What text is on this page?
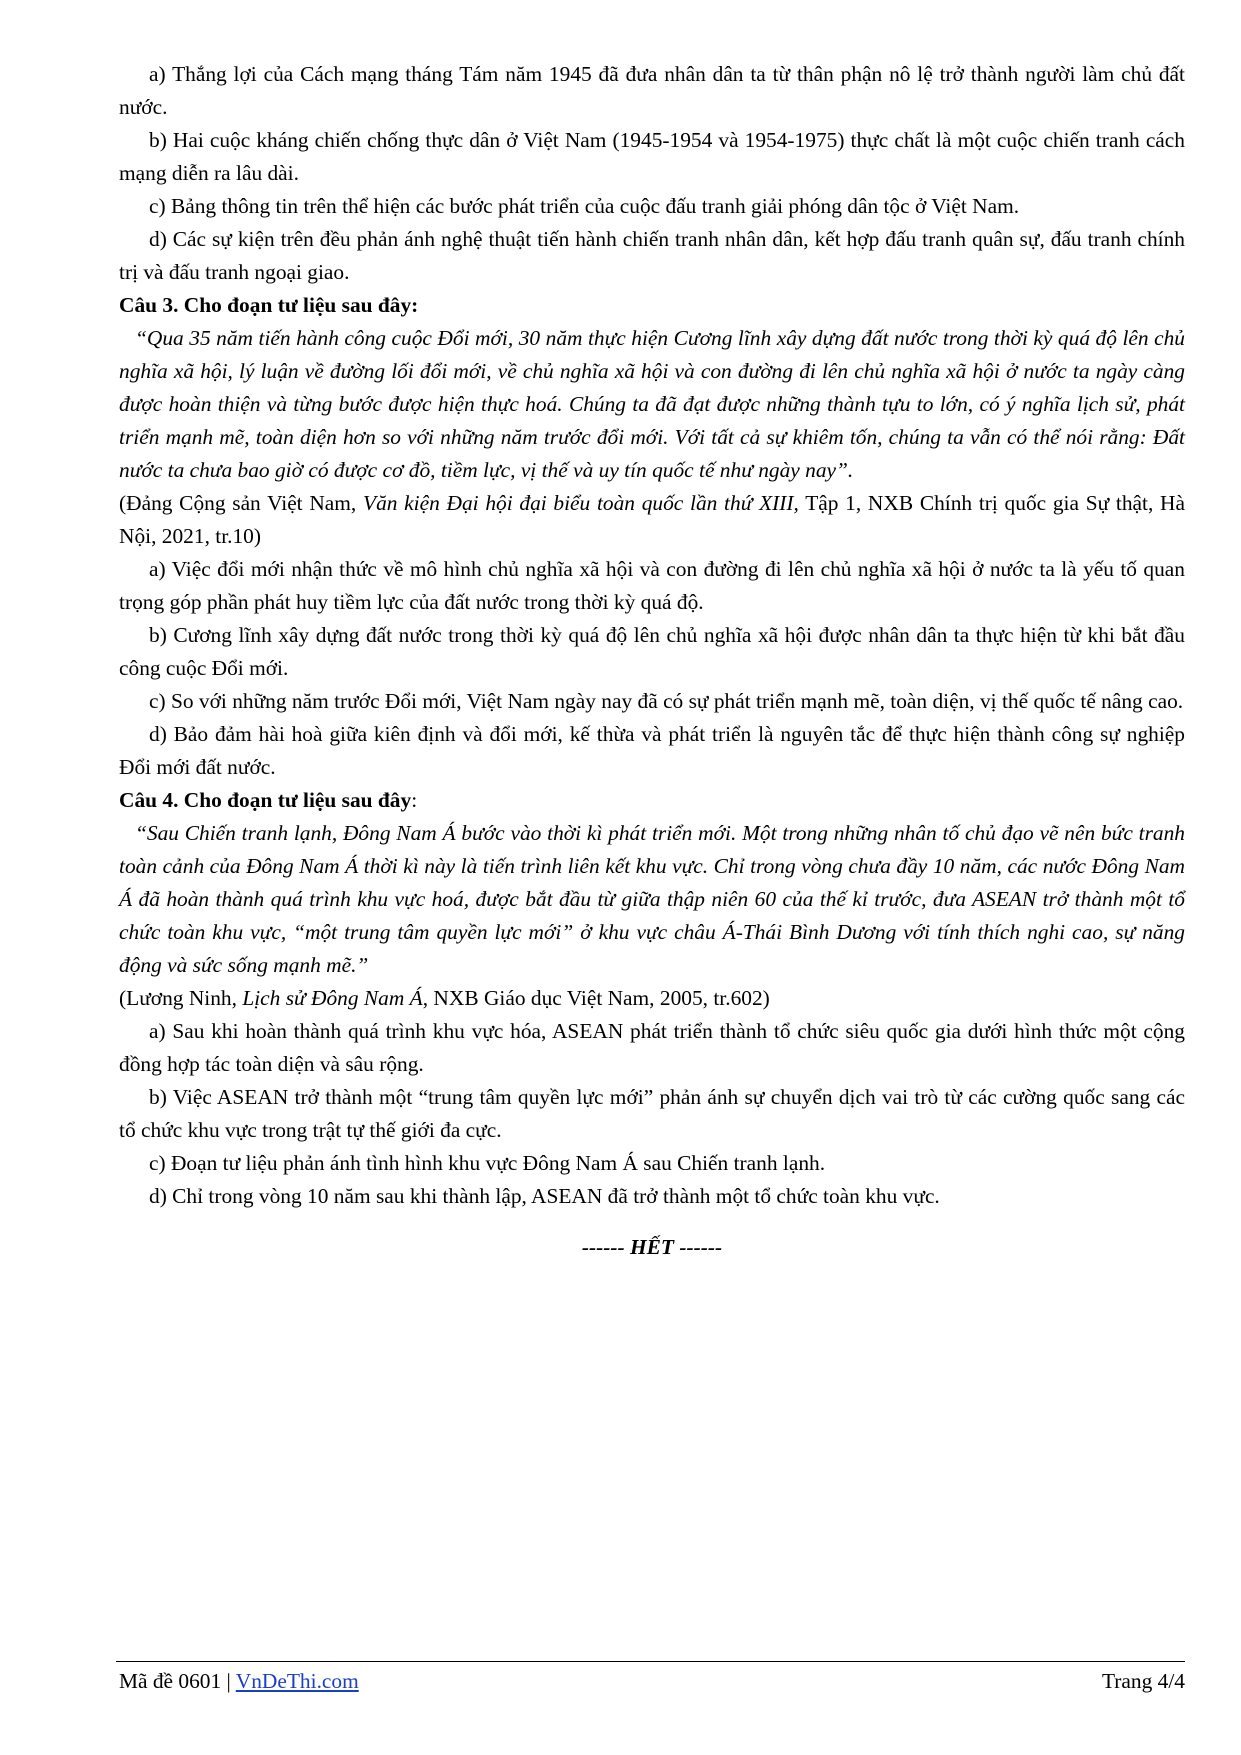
a) Thắng lợi của Cách mạng tháng Tám năm 1945 đã đưa nhân dân ta từ thân phận nô lệ trở thành người làm chủ đất nước.

b) Hai cuộc kháng chiến chống thực dân ở Việt Nam (1945-1954 và 1954-1975) thực chất là một cuộc chiến tranh cách mạng diễn ra lâu dài.

c) Bảng thông tin trên thể hiện các bước phát triển của cuộc đấu tranh giải phóng dân tộc ở Việt Nam.

d) Các sự kiện trên đều phản ánh nghệ thuật tiến hành chiến tranh nhân dân, kết hợp đấu tranh quân sự, đấu tranh chính trị và đấu tranh ngoại giao.

Câu 3. Cho đoạn tư liệu sau đây:

“Qua 35 năm tiến hành công cuộc Đổi mới, 30 năm thực hiện Cương lĩnh xây dựng đất nước trong thời kỳ quá độ lên chủ nghĩa xã hội, lý luận về đường lối đổi mới, về chủ nghĩa xã hội và con đường đi lên chủ nghĩa xã hội ở nước ta ngày càng được hoàn thiện và từng bước được hiện thực hoá. Chúng ta đã đạt được những thành tựu to lớn, có ý nghĩa lịch sử, phát triển mạnh mẽ, toàn diện hơn so với những năm trước đổi mới. Với tất cả sự khiêm tốn, chúng ta vẫn có thể nói rằng: Đất nước ta chưa bao giờ có được cơ đồ, tiềm lực, vị thế và uy tín quốc tế như ngày nay”.

(Đảng Cộng sản Việt Nam, Văn kiện Đại hội đại biểu toàn quốc lần thứ XIII, Tập 1, NXB Chính trị quốc gia Sự thật, Hà Nội, 2021, tr.10)

a) Việc đổi mới nhận thức về mô hình chủ nghĩa xã hội và con đường đi lên chủ nghĩa xã hội ở nước ta là yếu tố quan trọng góp phần phát huy tiềm lực của đất nước trong thời kỳ quá độ.

b) Cương lĩnh xây dựng đất nước trong thời kỳ quá độ lên chủ nghĩa xã hội được nhân dân ta thực hiện từ khi bắt đầu công cuộc Đổi mới.

c) So với những năm trước Đổi mới, Việt Nam ngày nay đã có sự phát triển mạnh mẽ, toàn diện, vị thế quốc tế nâng cao.

d) Bảo đảm hài hoà giữa kiên định và đổi mới, kế thừa và phát triển là nguyên tắc để thực hiện thành công sự nghiệp Đổi mới đất nước.

Câu 4. Cho đoạn tư liệu sau đây:

“Sau Chiến tranh lạnh, Đông Nam Á bước vào thời kì phát triển mới. Một trong những nhân tố chủ đạo vẽ nên bức tranh toàn cảnh của Đông Nam Á thời kì này là tiến trình liên kết khu vực. Chỉ trong vòng chưa đầy 10 năm, các nước Đông Nam Á đã hoàn thành quá trình khu vực hoá, được bắt đầu từ giữa thập niên 60 của thế kỉ trước, đưa ASEAN trở thành một tổ chức toàn khu vực, “một trung tâm quyền lực mới” ở khu vực châu Á-Thái Bình Dương với tính thích nghi cao, sự năng động và sức sống mạnh mẽ.”

(Lương Ninh, Lịch sử Đông Nam Á, NXB Giáo dục Việt Nam, 2005, tr.602)

a) Sau khi hoàn thành quá trình khu vực hóa, ASEAN phát triển thành tổ chức siêu quốc gia dưới hình thức một cộng đồng hợp tác toàn diện và sâu rộng.

b) Việc ASEAN trở thành một “trung tâm quyền lực mới” phản ánh sự chuyển dịch vai trò từ các cường quốc sang các tổ chức khu vực trong trật tự thế giới đa cực.

c) Đoạn tư liệu phản ánh tình hình khu vực Đông Nam Á sau Chiến tranh lạnh.

d) Chỉ trong vòng 10 năm sau khi thành lập, ASEAN đã trở thành một tổ chức toàn khu vực.

------ HẾT ------

Mã đề 0601 | VnDeThi.com	Trang 4/4
